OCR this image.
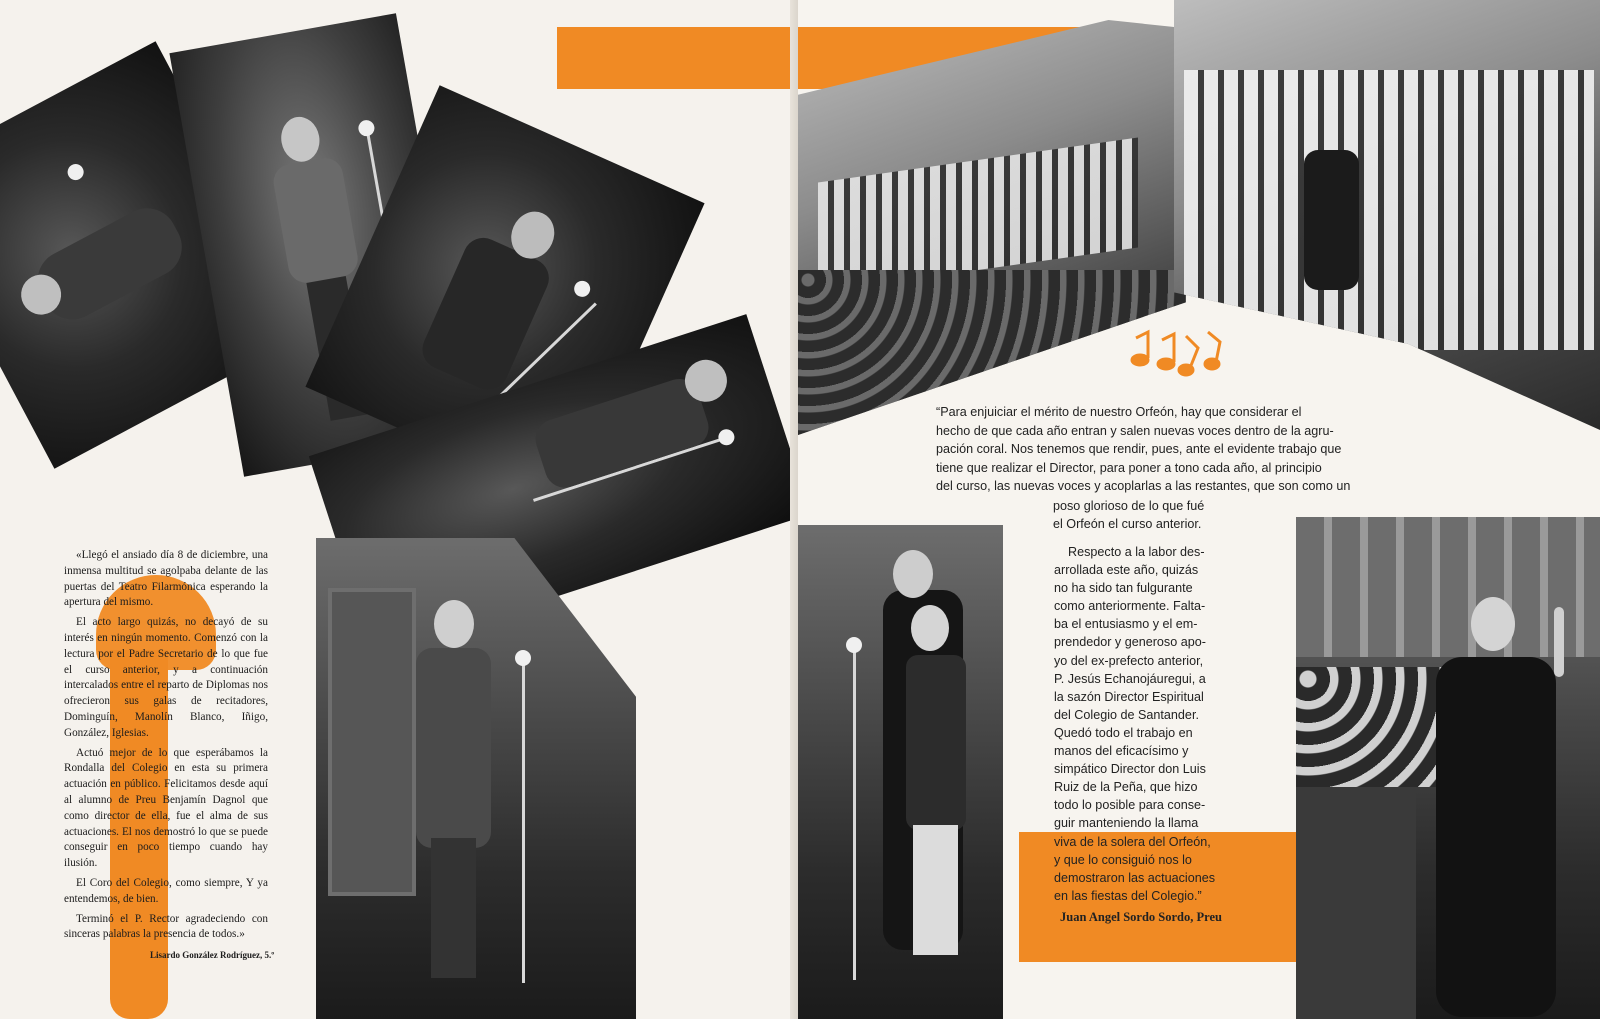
«Llegó el ansiado día 8 de diciembre, una inmensa multitud se agolpaba delante de las puertas del Teatro Filarmónica esperando la apertura del mismo.

El acto largo quizás, no decayó de su interés en ningún momento. Comenzó con la lectura por el Padre Secretario de lo que fue el curso anterior, y a continuación intercalados entre el reparto de Diplomas nos ofrecieron sus galas de recitadores, Dominguín, Manolín Blanco, Iñigo, González, Iglesias.

Actuó mejor de lo que esperábamos la Rondalla del Colegio en esta su primera actuación en público. Felicitamos desde aquí al alumno de Preu Benjamín Dagnol que como director de ella, fue el alma de sus actuaciones. El nos demostró lo que se puede conseguir en poco tiempo cuando hay ilusión.

El Coro del Colegio, como siempre, Y ya entendemos, de bien.

Terminó el P. Rector agradeciendo con sinceras palabras la presencia de todos.»

Lisardo González Rodríguez, 5.º
“Para enjuiciar el mérito de nuestro Orfeón, hay que considerar el
hecho de que cada año entran y salen nuevas voces dentro de la agru-
pación coral. Nos tenemos que rendir, pues, ante el evidente trabajo que
tiene que realizar el Director, para poner a tono cada año, al principio
del curso, las nuevas voces y acoplarlas a las restantes, que son como un
poso glorioso de lo que fué
el Orfeón el curso anterior.
Respecto a la labor des-
arrollada este año, quizás
no ha sido tan fulgurante
como anteriormente. Falta-
ba el entusiasmo y el em-
prendedor y generoso apo-
yo del ex-prefecto anterior,
P. Jesús Echanojáuregui, a
la sazón Director Espiritual
del Colegio de Santander.
Quedó todo el trabajo en
manos del eficacísimo y
simpático Director don Luis
Ruiz de la Peña, que hizo
todo lo posible para conse-
guir manteniendo la llama
viva de la solera del Orfeón,
y que lo consiguió nos lo
demostraron las actuaciones
en las fiestas del Colegio.”
Juan Angel Sordo Sordo, Preu
